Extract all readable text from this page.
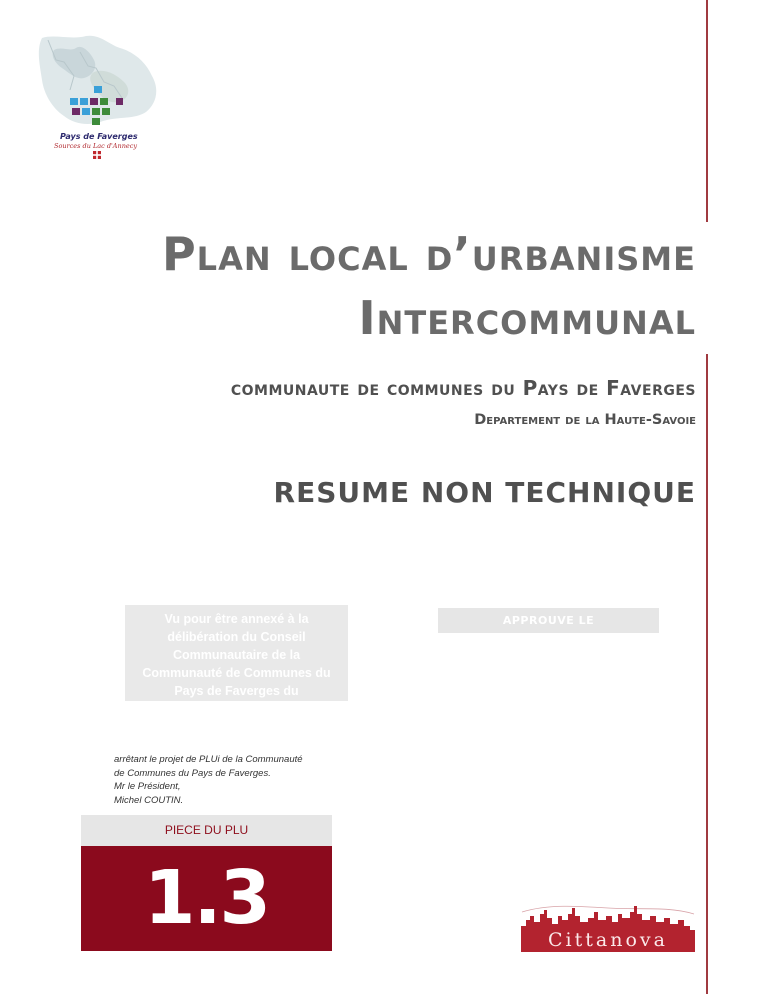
Pays de Faverges
Sources du Lac d'Annecy
Plan local d’urbanisme
Intercommunal
communaute de communes du Pays de Faverges
Departement de la Haute-Savoie
RESUME NON TECHNIQUE
Vu pour être annexé à la
délibération du Conseil
Communautaire de la
Communauté de Communes du
Pays de Faverges du
APPROUVE LE
arrêtant le projet de PLUi de la Communauté
de Communes du Pays de Faverges.
Mr le Président,
Michel COUTIN.
PIECE DU PLU
1.3	Cittanova
